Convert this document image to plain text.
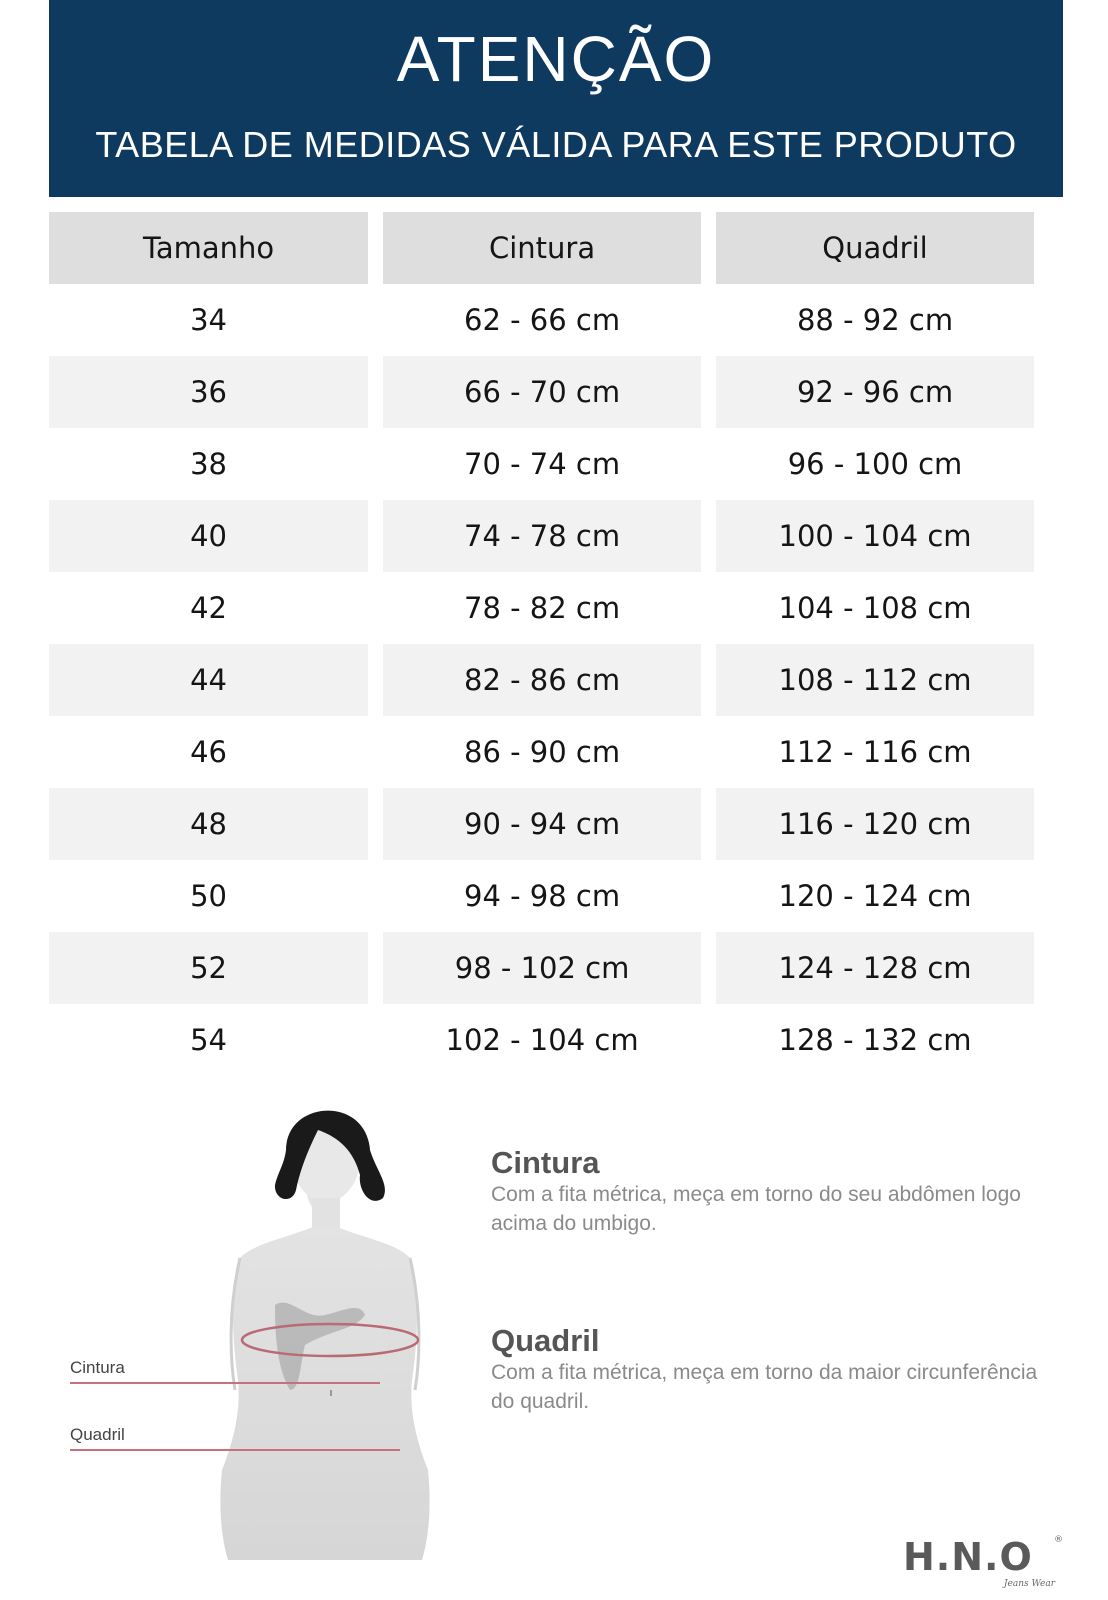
ATENÇÃO
TABELA DE MEDIDAS VÁLIDA PARA ESTE PRODUTO
Tamanho	Cintura	Quadril
34	62 - 66 cm	88 - 92 cm
36	66 - 70 cm	92 - 96 cm
38	70 - 74 cm	96 - 100 cm
40	74 - 78 cm	100 - 104 cm
42	78 - 82 cm	104 - 108 cm
44	82 - 86 cm	108 - 112 cm
46	86 - 90 cm	112 - 116 cm
48	90 - 94 cm	116 - 120 cm
50	94 - 98 cm	120 - 124 cm
52	98 - 102 cm	124 - 128 cm
54	102 - 104 cm	128 - 132 cm
Cintura
Quadril
Cintura
Com a fita métrica, meça em torno do seu abdômen logo acima do umbigo.
Quadril
Com a fita métrica, meça em torno da maior circunferência do quadril.
H.N.O	®
Jeans Wear
